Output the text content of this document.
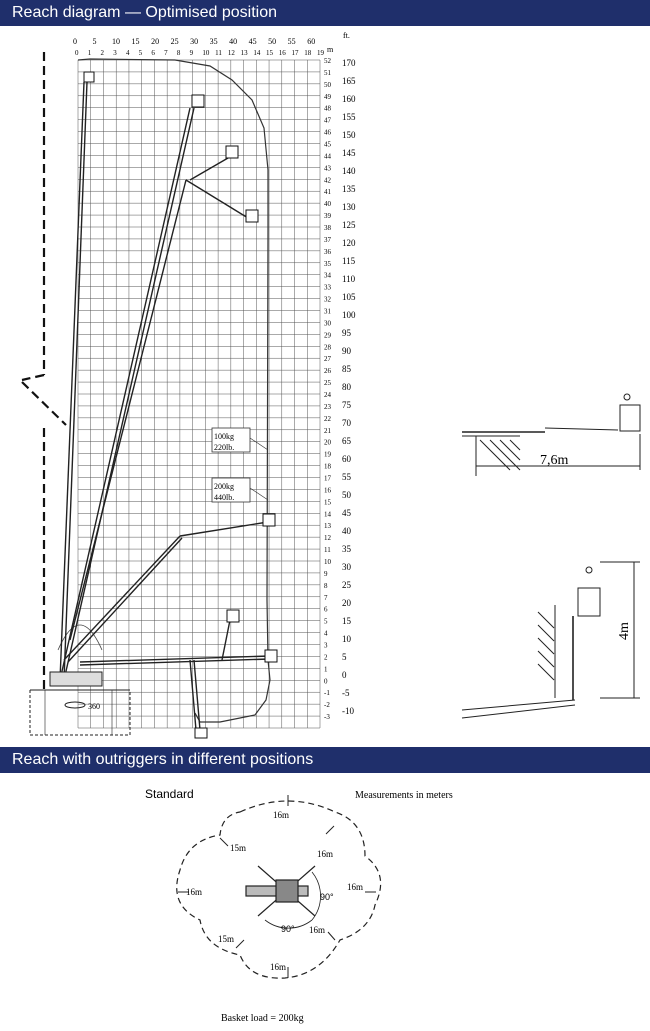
Reach diagram — Optimised position
Reach with outriggers in different positions
0 5 10 15 20 25 30 35 40 45 50 55 60
0 1 2 3 4 5 6 7 8 9 10 11 12 13 14 15 16 17 18 19
52
51
50
49
48
47
46
45
44
43
42
41
40
39
38
37
36
35
34
33
32
31
30
29
28
27
26
25
24
23
22
21
20
19
18
17
16
15
14
13
12
11
10
9
8
7
6
5
4
3
2
1
0
-1
-2
-3
170
165
160
155
150
145
140
135
130
125
120
115
110
105
100
95
90
85
80
75
70
65
60
55
50
45
40
35
30
25
20
15
10
5
0
-5
-10
ft.
m
360
100kg
220lb.
200kg
440lb.
7,6m
4m
Standard	Measurements in meters
16m
15m
16m
16m
16m
15m
16m
16m
90°
90°
Basket load = 200kg
